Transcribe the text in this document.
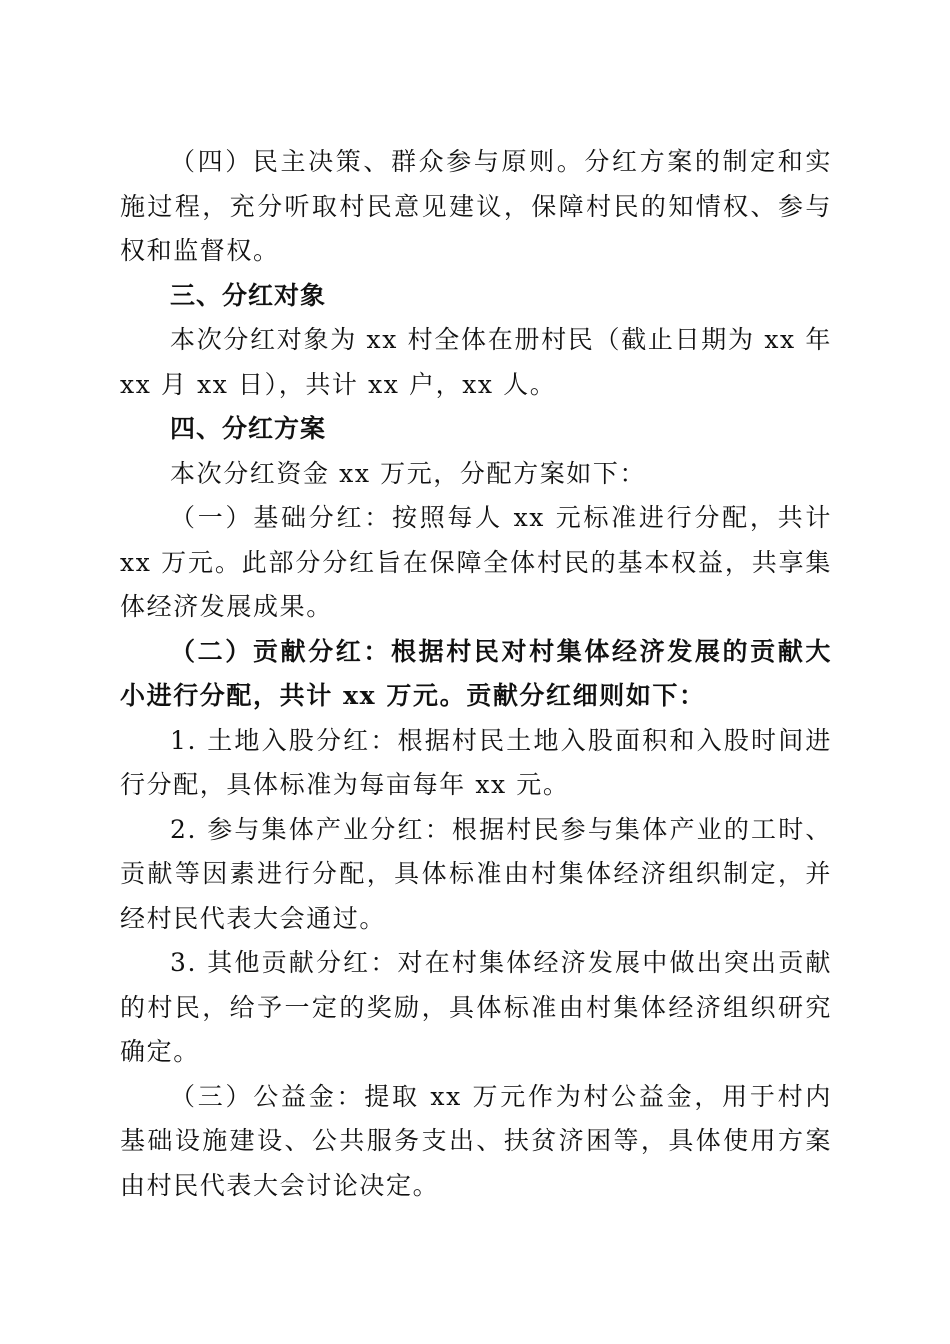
（四）民主决策、群众参与原则。分红方案的制定和实施过程，充分听取村民意见建议，保障村民的知情权、参与权和监督权。

三、分红对象

本次分红对象为 xx 村全体在册村民（截止日期为 xx 年 xx 月 xx 日），共计 xx 户，xx 人。

四、分红方案

本次分红资金 xx 万元，分配方案如下：

（一）基础分红：按照每人 xx 元标准进行分配，共计 xx 万元。此部分分红旨在保障全体村民的基本权益，共享集体经济发展成果。

（二）贡献分红：根据村民对村集体经济发展的贡献大小进行分配，共计 xx 万元。贡献分红细则如下：

1. 土地入股分红：根据村民土地入股面积和入股时间进行分配，具体标准为每亩每年 xx 元。

2. 参与集体产业分红：根据村民参与集体产业的工时、贡献等因素进行分配，具体标准由村集体经济组织制定，并经村民代表大会通过。

3. 其他贡献分红：对在村集体经济发展中做出突出贡献的村民，给予一定的奖励，具体标准由村集体经济组织研究确定。

（三）公益金：提取 xx 万元作为村公益金，用于村内基础设施建设、公共服务支出、扶贫济困等，具体使用方案由村民代表大会讨论决定。
